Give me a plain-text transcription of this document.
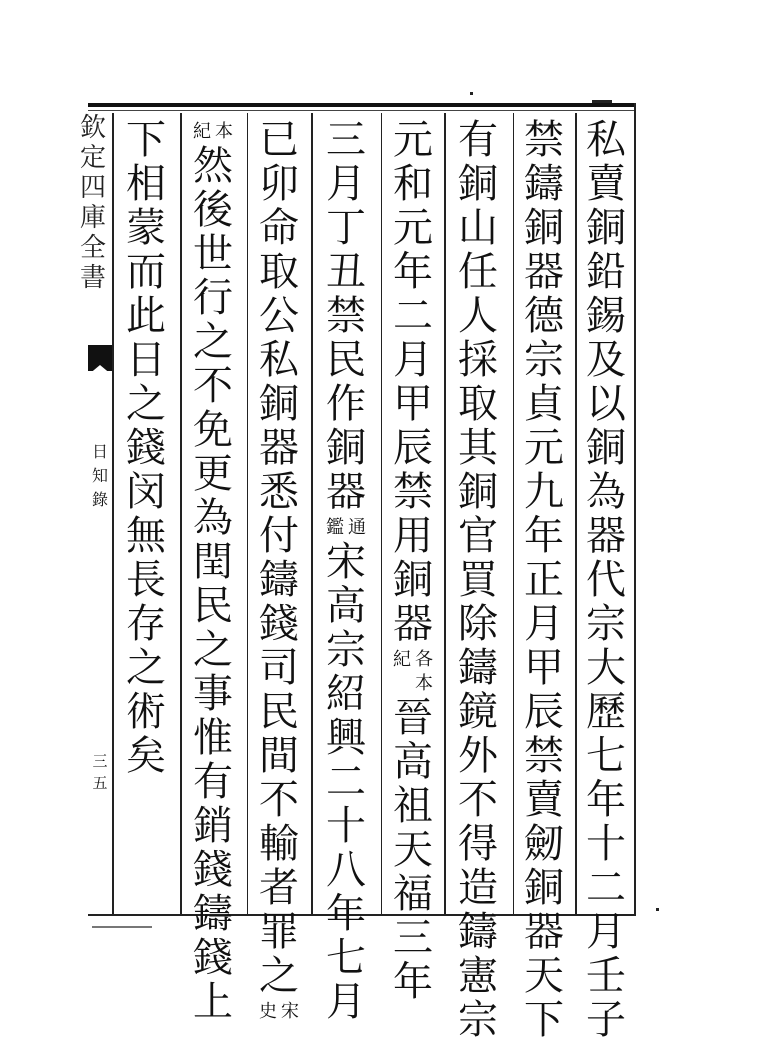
欽
定
四
庫
全
書
日
知
錄
三
五
私
賣
銅
鉛
錫
及
以
銅
為
器
代
宗
大
歷
七
年
十
二
月
壬
子
禁
鑄
銅
器
德
宗
貞
元
九
年
正
月
甲
辰
禁
賣
劒
銅
器
天
下
有
銅
山
任
人
採
取
其
銅
官
買
除
鑄
鏡
外
不
得
造
鑄
憲
宗
元
和
元
年
二
月
甲
辰
禁
用
銅
器
各
本
紀
晉
高
祖
天
福
三
年
三
月
丁
丑
禁
民
作
銅
器
通
鑑
宋
高
宗
紹
興
二
十
八
年
七
月
已
卯
命
取
公
私
銅
器
悉
付
鑄
錢
司
民
間
不
輸
者
罪
之
宋
史
本
紀
然
後
世
行
之
不
免
更
為
閏
民
之
事
惟
有
銷
錢
鑄
錢
上
下
相
蒙
而
此
日
之
錢
闵
無
長
存
之
術
矣
